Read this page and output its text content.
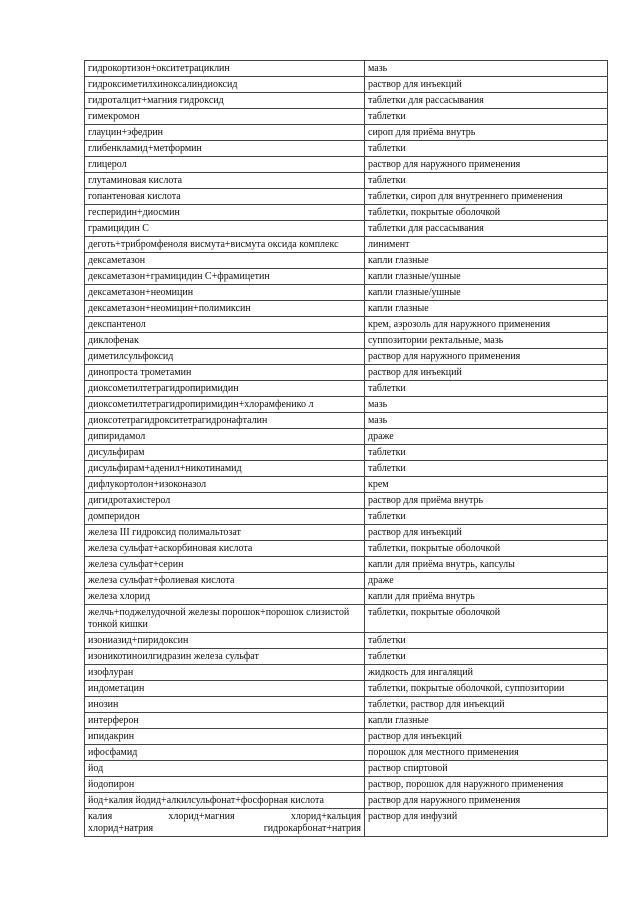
гидрокортизон+окситетрациклин	мазь
гидроксиметилхиноксалиндиоксид	раствор для инъекций
гидроталцит+магния гидроксид	таблетки для рассасывания
гимекромон	таблетки
глауцин+эфедрин	сироп для приёма внутрь
глибенкламид+метформин	таблетки
глицерол	раствор для наружного применения
глутаминовая кислота	таблетки
гопантеновая кислота	таблетки, сироп для внутреннего применения
гесперидин+диосмин	таблетки, покрытые оболочкой
грамицидин С	таблетки для рассасывания
деготь+трибромфеноля висмута+висмута оксида комплекс	линимент
дексаметазон	капли глазные
дексаметазон+грамицидин С+фрамицетин	капли глазные/ушные
дексаметазон+неомицин	капли глазные/ушные
дексаметазон+неомицин+полимиксин	капли глазные
декспантенол	крем, аэрозоль для наружного применения
диклофенак	суппозитории ректальные, мазь
диметилсульфоксид	раствор для наружного применения
динопроста трометамин	раствор для инъекций
диоксометилтетрагидропиримидин	таблетки
диоксометилтетрагидропиримидин+хлорамфенико л	мазь
диоксотетрагидрокситетрагидронафталин	мазь
дипиридамол	драже
дисульфирам	таблетки
дисульфирам+аденил+никотинамид	таблетки
дифлукортолон+изоконазол	крем
дигидротахистерол	раствор для приёма внутрь
домперидон	таблетки
железа III гидроксид полимальтозат	раствор для инъекций
железа сульфат+аскорбиновая кислота	таблетки, покрытые оболочкой
железа сульфат+серин	капли для приёма внутрь, капсулы
железа сульфат+фолиевая кислота	драже
железа хлорид	капли для приёма внутрь
желчь+поджелудочной железы порошок+порошок слизистой тонкой кишки	таблетки, покрытые оболочкой
изониазид+пиридоксин	таблетки
изоникотиноилгидразин железа сульфат	таблетки
изофлуран	жидкость для ингаляций
индометацин	таблетки, покрытые оболочкой, суппозитории
инозин	таблетки, раствор для инъекций
интерферон	капли глазные
ипидакрин	раствор для инъекций
ифосфамид	порошок для местного применения
йод	раствор спиртовой
йодопирон	раствор, порошок для наружного применения
йод+калия йодид+алкилсульфонат+фосфорная кислота	раствор для наружного применения

калия хлорид+магния хлорид+кальция
хлорид+натрия гидрокарбонат+натрия	раствор для инфузий
